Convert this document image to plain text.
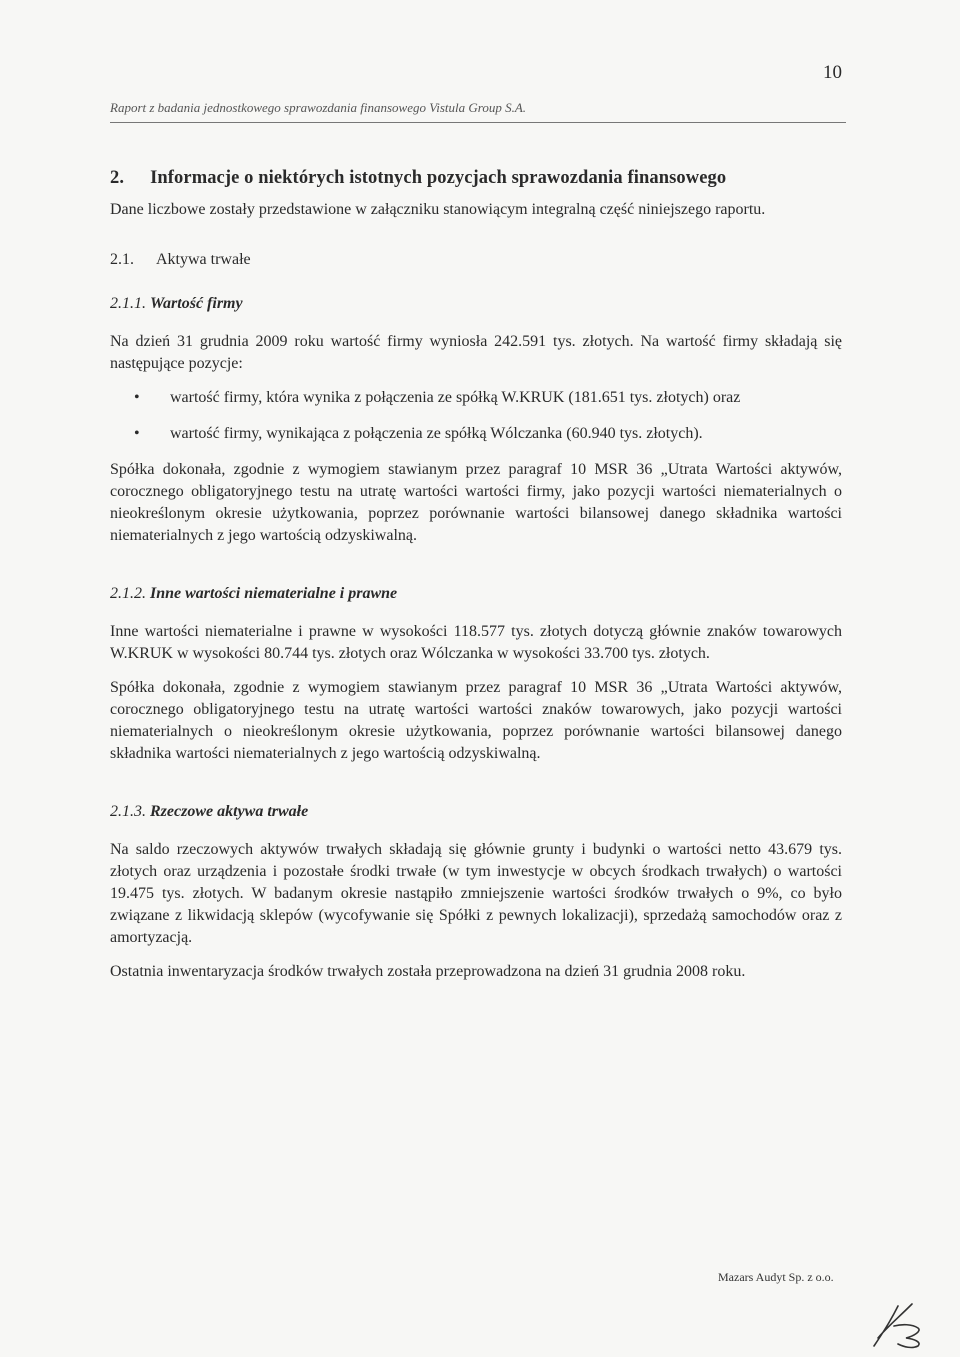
10
Raport z badania jednostkowego sprawozdania finansowego Vistula Group S.A.
2. Informacje o niektórych istotnych pozycjach sprawozdania finansowego

Dane liczbowe zostały przedstawione w załączniku stanowiącym integralną część niniejszego raportu.

2.1. Aktywa trwałe
2.1.1. Wartość firmy

Na dzień 31 grudnia 2009 roku wartość firmy wyniosła 242.591 tys. złotych. Na wartość firmy składają się następujące pozycje:

• wartość firmy, która wynika z połączenia ze spółką W.KRUK (181.651 tys. złotych) oraz
• wartość firmy, wynikająca z połączenia ze spółką Wólczanka (60.940 tys. złotych).

Spółka dokonała, zgodnie z wymogiem stawianym przez paragraf 10 MSR 36 „Utrata Wartości aktywów, corocznego obligatoryjnego testu na utratę wartości wartości firmy, jako pozycji wartości niematerialnych o nieokreślonym okresie użytkowania, poprzez porównanie wartości bilansowej danego składnika wartości niematerialnych z jego wartością odzyskiwalną.

2.1.2. Inne wartości niematerialne i prawne

Inne wartości niematerialne i prawne w wysokości 118.577 tys. złotych dotyczą głównie znaków towarowych W.KRUK w wysokości 80.744 tys. złotych oraz Wólczanka w wysokości 33.700 tys. złotych.

Spółka dokonała, zgodnie z wymogiem stawianym przez paragraf 10 MSR 36 „Utrata Wartości aktywów, corocznego obligatoryjnego testu na utratę wartości wartości znaków towarowych, jako pozycji wartości niematerialnych o nieokreślonym okresie użytkowania, poprzez porównanie wartości bilansowej danego składnika wartości niematerialnych z jego wartością odzyskiwalną.

2.1.3. Rzeczowe aktywa trwałe

Na saldo rzeczowych aktywów trwałych składają się głównie grunty i budynki o wartości netto 43.679 tys. złotych oraz urządzenia i pozostałe środki trwałe (w tym inwestycje w obcych środkach trwałych) o wartości 19.475 tys. złotych. W badanym okresie nastąpiło zmniejszenie wartości środków trwałych o 9%, co było związane z likwidacją sklepów (wycofywanie się Spółki z pewnych lokalizacji), sprzedażą samochodów oraz z amortyzacją.

Ostatnia inwentaryzacja środków trwałych została przeprowadzona na dzień 31 grudnia 2008 roku.

Mazars Audyt Sp. z o.o.
